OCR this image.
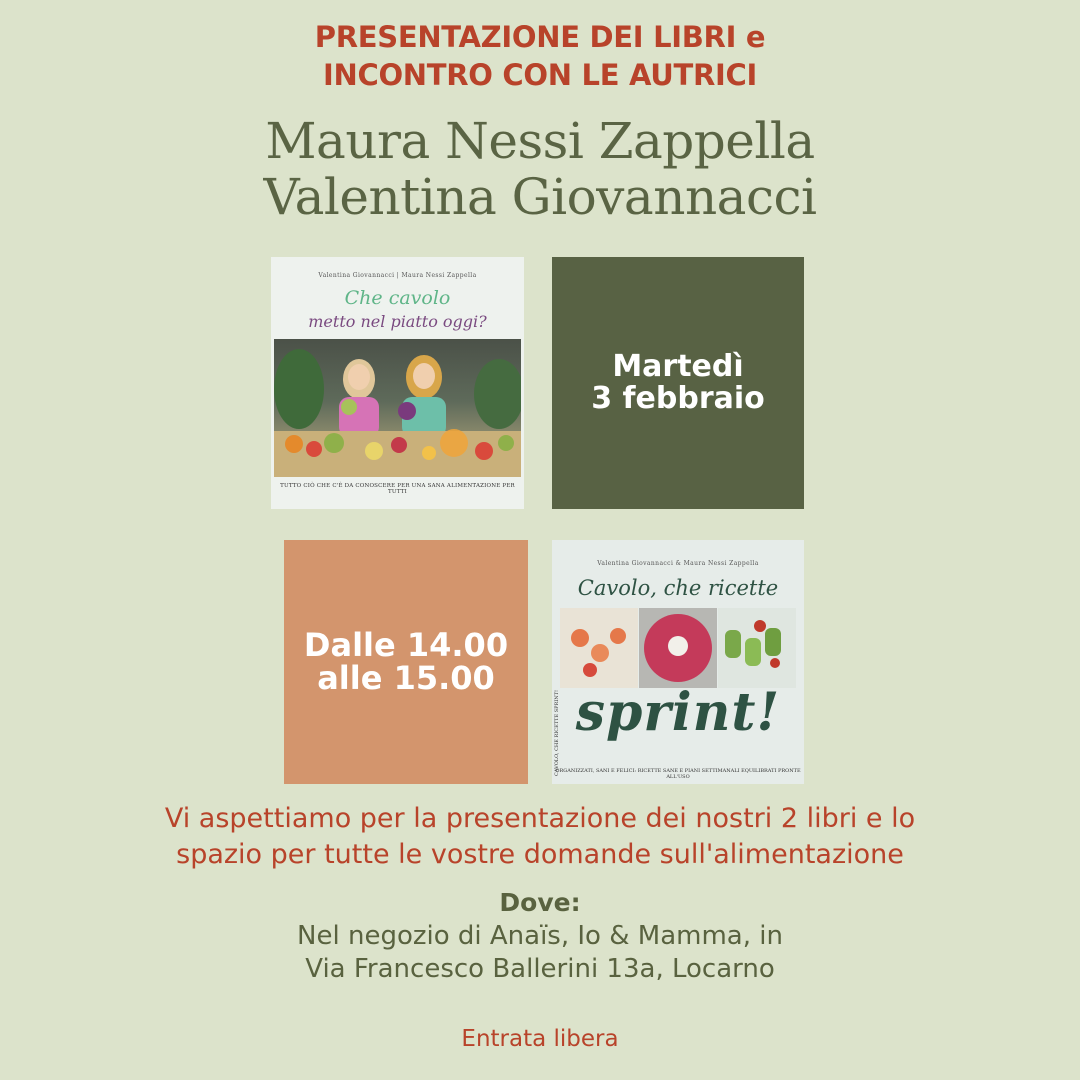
PRESENTAZIONE DEI LIBRI e
INCONTRO CON LE AUTRICI
Maura Nessi Zappella
Valentina Giovannacci
Valentina Giovannacci | Maura Nessi Zappella
Che cavolo
metto nel piatto oggi?
TUTTO CIÒ CHE C'È DA CONOSCERE PER UNA SANA ALIMENTAZIONE PER TUTTI
Martedì
3 febbraio
Dalle 14.00
alle 15.00
CAVOLO, CHE RICETTE SPRINT!
Valentina Giovannacci & Maura Nessi Zappella
Cavolo, che ricette
sprint!
ORGANIZZATI, SANI E FELICI: RICETTE SANE E PIANI SETTIMANALI EQUILIBRATI PRONTE ALL'USO
Vi aspettiamo per la presentazione dei nostri 2 libri e lo
spazio per tutte le vostre domande sull'alimentazione
Dove:
Nel negozio di Anaïs, Io & Mamma, in
Via Francesco Ballerini 13a, Locarno
Entrata libera
